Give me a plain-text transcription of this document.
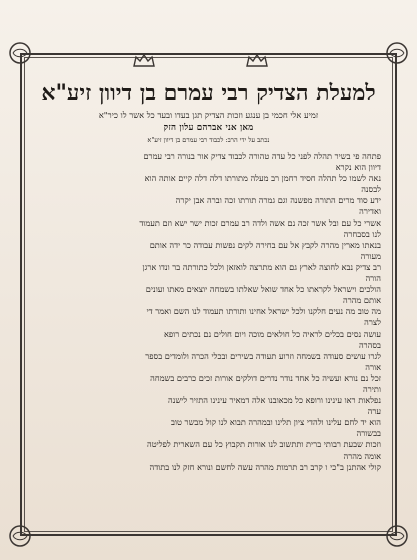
למעלת הצדיק רבי עמרם בן דיוון זיע"א
זמיע אלי חכמי בן ענגע וזכות הצדיק תגן בעדו ובעד כל אשר לו כיר"א
מאן אני אברהם עלון הזק
נכתב על ידי הרב: לכבוד רבי עמרם בן דיוון זיע"א
פתחה פי בשיר תהלה לפני כל עדה טהורה לכבוד צדיק אור בנורה רבי עמרם
דיוון הוא נקרא
נאה לשמו כל תהלה חסיד רחמן רב מעלה מתורתו דלה דלה קיים אותה הוא
לבסנה
ידע סוד מרים התורה מפשנה וגם גמרה תורתו זכה וברה אבן יקרה
ואדירה
אשרי כל עם ובל אשר זכה נם אשה ולדה רב עמרם זכות ישר ישא וזם תעמוד
לנו בסבחרה
בנאתו מארין מהרה לקבץ אל עם בחירה לקים נפשות עבודה כר ידה אותם
מעורה
רב צדיק נבא לחוצה לארץ גם הוא מתרצה לואזאן ולכל כתורתה בר ונדו ארגן
הורה
הולכים וישראל לקראתו כל אחד שואל שאלתו בשמחה יוצאים מאתו ועונים
אותם מהרה
מה טוב מה נעים חלקנו ולכל ישראל אחינו ותורתו תעמוד לנו השם ואמר די
לצרה
עושה נסים בכלים לראיה כל חולאים מוכה ויום חולים נם נכתים רופא
בסהרה
לגרו עושים סעודה בשמחה וזרוע תעודה בשירים ובכלי הכרה ולומדים בספר
אורה
זכל נם נורא ועשיה כל אחד נודר נדרים דולקים אורות זכים כרבים בשמחה
ותירה
נפלאות ראו עינינו ורופא כל מכאובנו אלה דמאיר עינינו התזיר לישנה
ערה
הוא יד לחם עלינו ולהדי ציון תלינו ובמהרה תבוא לנו קול מבשר טוב
בבשורה
וזכות שבעת רבותי ברית ותתשוב לנו אורות תקבוץ כל עם השארית לפליטה
אומה מהרה
קולי אהתנן ב"כי ו קרב רב תרמות מהרה עשה לחשם ונורא חזק לנו בתודה
